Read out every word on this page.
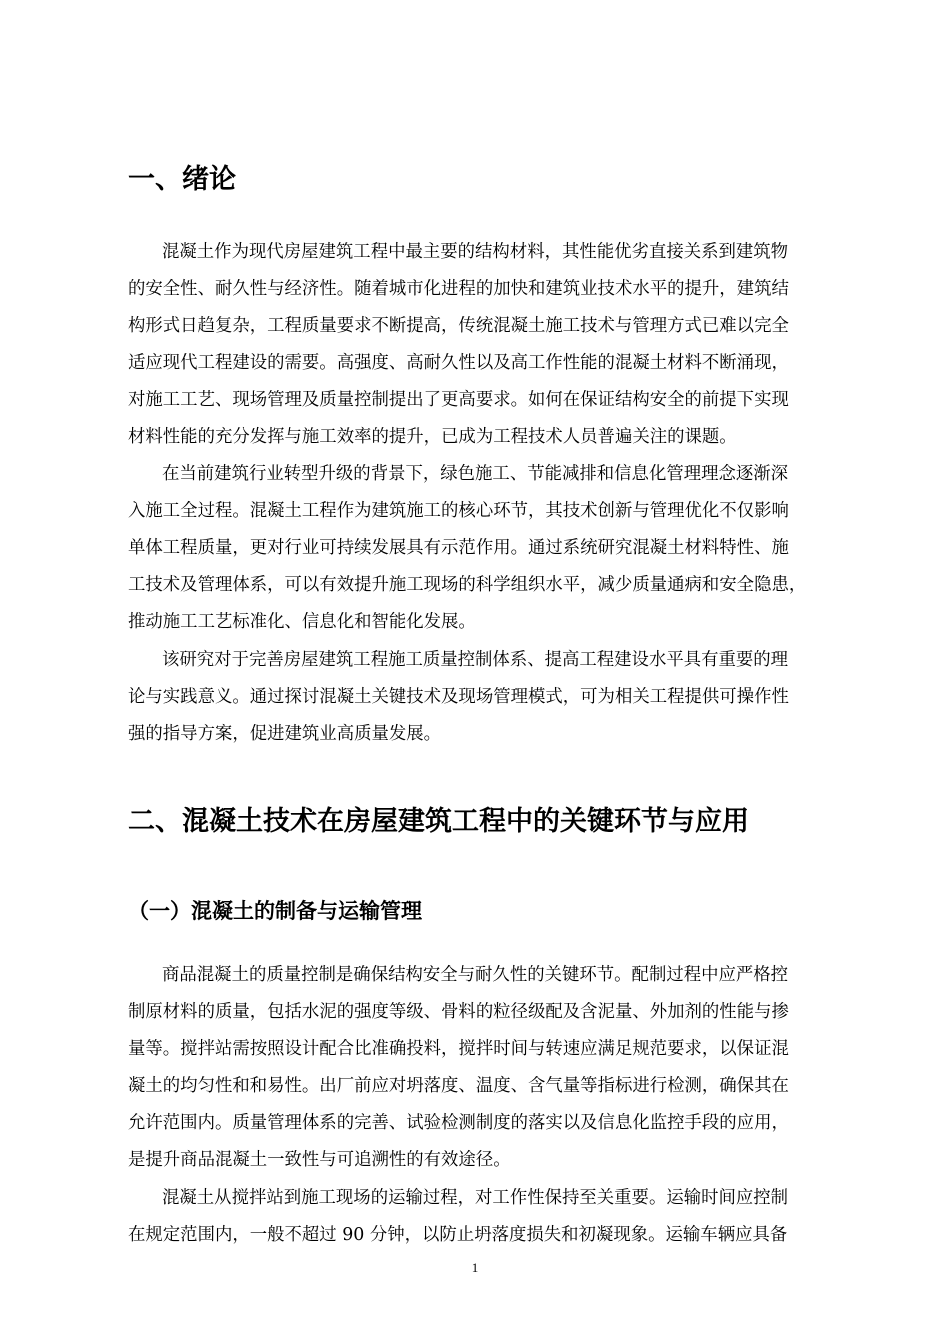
一、绪论
混凝土作为现代房屋建筑工程中最主要的结构材料，其性能优劣直接关系到建筑物
的安全性、耐久性与经济性。随着城市化进程的加快和建筑业技术水平的提升，建筑结
构形式日趋复杂，工程质量要求不断提高，传统混凝土施工技术与管理方式已难以完全
适应现代工程建设的需要。高强度、高耐久性以及高工作性能的混凝土材料不断涌现，
对施工工艺、现场管理及质量控制提出了更高要求。如何在保证结构安全的前提下实现
材料性能的充分发挥与施工效率的提升，已成为工程技术人员普遍关注的课题。
在当前建筑行业转型升级的背景下，绿色施工、节能减排和信息化管理理念逐渐深
入施工全过程。混凝土工程作为建筑施工的核心环节，其技术创新与管理优化不仅影响
单体工程质量，更对行业可持续发展具有示范作用。通过系统研究混凝土材料特性、施
工技术及管理体系，可以有效提升施工现场的科学组织水平，减少质量通病和安全隐患，
推动施工工艺标准化、信息化和智能化发展。
该研究对于完善房屋建筑工程施工质量控制体系、提高工程建设水平具有重要的理
论与实践意义。通过探讨混凝土关键技术及现场管理模式，可为相关工程提供可操作性
强的指导方案，促进建筑业高质量发展。
二、混凝土技术在房屋建筑工程中的关键环节与应用
（一）混凝土的制备与运输管理
商品混凝土的质量控制是确保结构安全与耐久性的关键环节。配制过程中应严格控
制原材料的质量，包括水泥的强度等级、骨料的粒径级配及含泥量、外加剂的性能与掺
量等。搅拌站需按照设计配合比准确投料，搅拌时间与转速应满足规范要求，以保证混
凝土的均匀性和和易性。出厂前应对坍落度、温度、含气量等指标进行检测，确保其在
允许范围内。质量管理体系的完善、试验检测制度的落实以及信息化监控手段的应用，
是提升商品混凝土一致性与可追溯性的有效途径。
混凝土从搅拌站到施工现场的运输过程，对工作性保持至关重要。运输时间应控制
在规定范围内，一般不超过 90 分钟，以防止坍落度损失和初凝现象。运输车辆应具备
1
